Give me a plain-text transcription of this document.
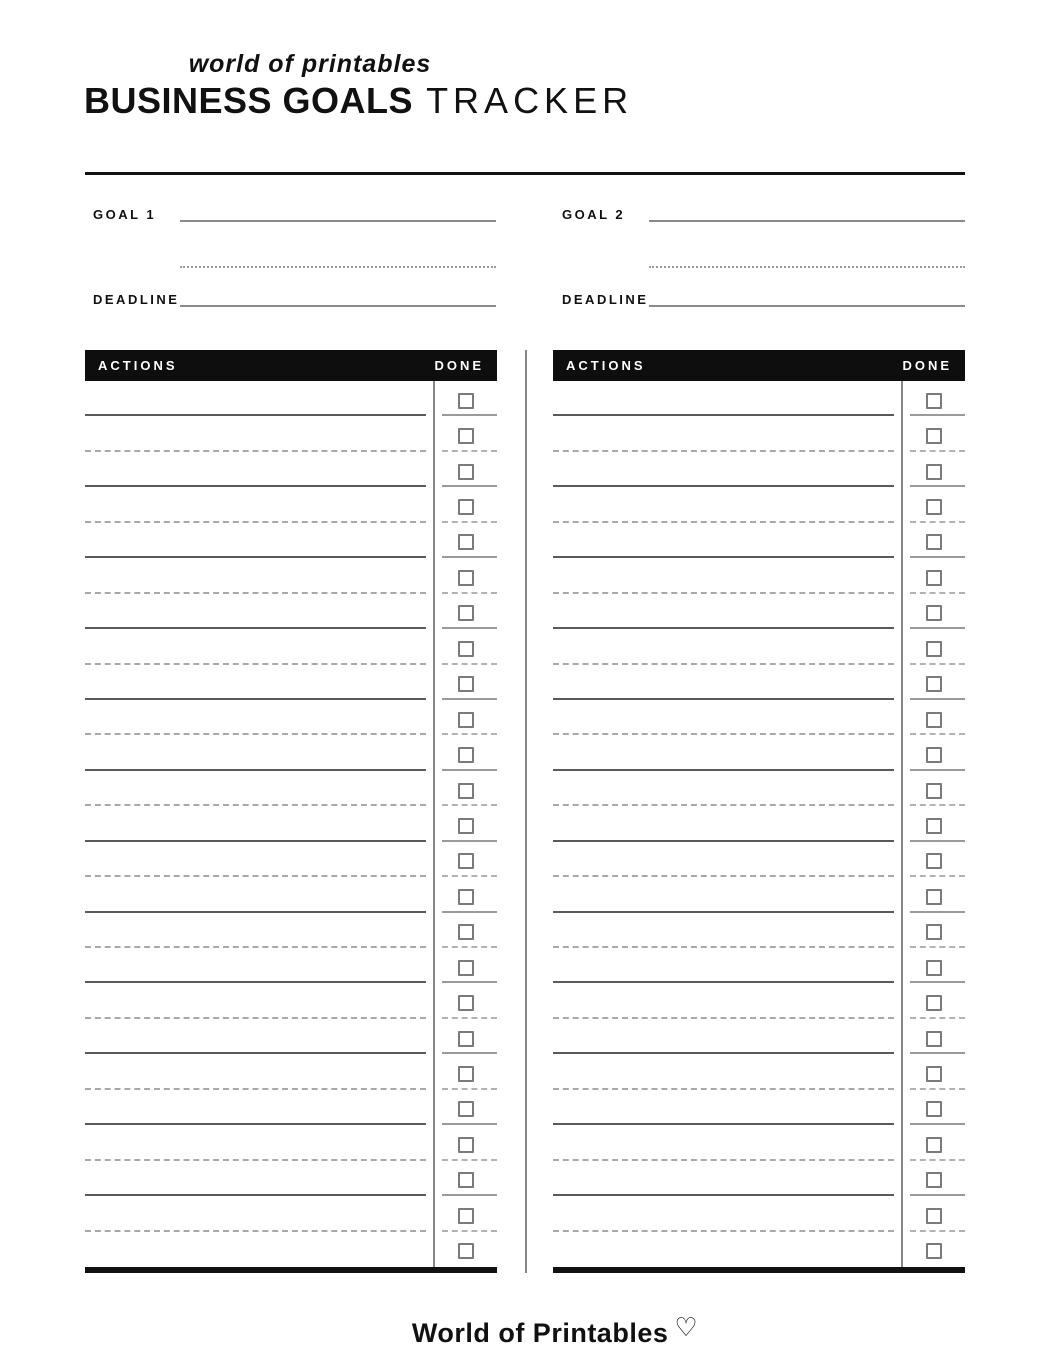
world of printables
BUSINESS GOALS TRACKER
GOAL 1
DEADLINE
GOAL 2
DEADLINE
ACTIONS	DONE	ACTIONS	DONE
World of Printables ♡
